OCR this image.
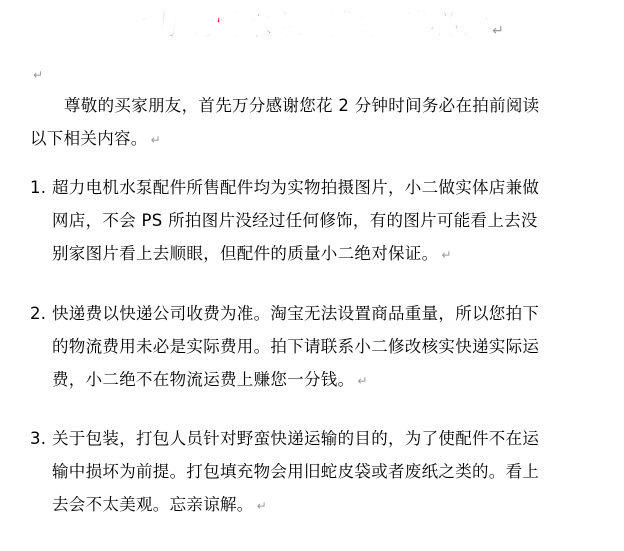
超力电机水泵配件拍前必读↵
↵
尊敬的买家朋友，首先万分感谢您花 2 分钟时间务必在拍前阅读
以下相关内容。 ↵
1. 超力电机水泵配件所售配件均为实物拍摄图片，小二做实体店兼做
网店，不会 PS 所拍图片没经过任何修饰，有的图片可能看上去没
别家图片看上去顺眼，但配件的质量小二绝对保证。 ↵
2. 快递费以快递公司收费为准。淘宝无法设置商品重量，所以您拍下
的物流费用未必是实际费用。拍下请联系小二修改核实快递实际运
费，小二绝不在物流运费上赚您一分钱。 ↵
3. 关于包装，打包人员针对野蛮快递运输的目的，为了使配件不在运
输中损坏为前提。打包填充物会用旧蛇皮袋或者废纸之类的。看上
去会不太美观。忘亲谅解。 ↵
